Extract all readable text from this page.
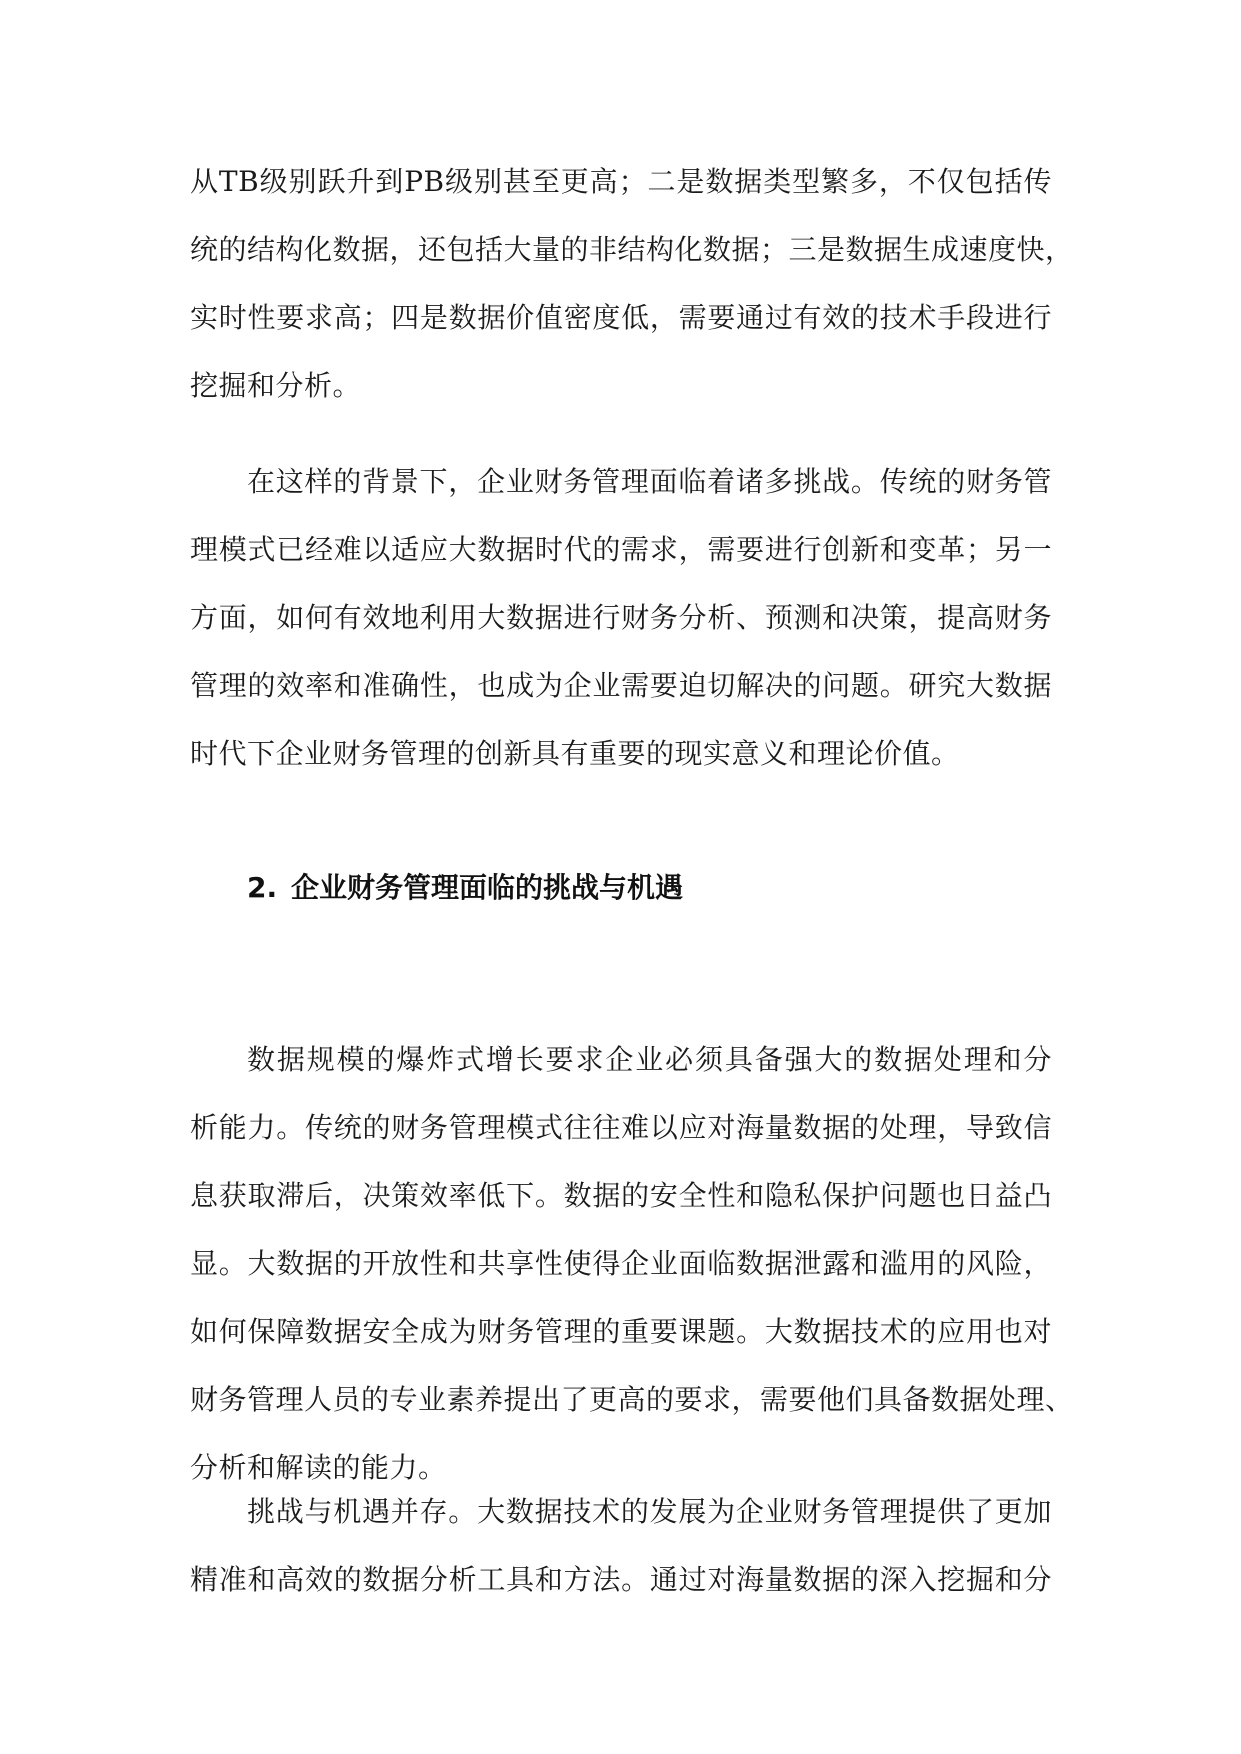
从TB级别跃升到PB级别甚至更高；二是数据类型繁多，不仅包括传
统的结构化数据，还包括大量的非结构化数据；三是数据生成速度快，
实时性要求高；四是数据价值密度低，需要通过有效的技术手段进行
挖掘和分析。
在这样的背景下，企业财务管理面临着诸多挑战。传统的财务管
理模式已经难以适应大数据时代的需求，需要进行创新和变革；另一
方面，如何有效地利用大数据进行财务分析、预测和决策，提高财务
管理的效率和准确性，也成为企业需要迫切解决的问题。研究大数据
时代下企业财务管理的创新具有重要的现实意义和理论价值。
2. 企业财务管理面临的挑战与机遇
数据规模的爆炸式增长要求企业必须具备强大的数据处理和分
析能力。传统的财务管理模式往往难以应对海量数据的处理，导致信
息获取滞后，决策效率低下。数据的安全性和隐私保护问题也日益凸
显。大数据的开放性和共享性使得企业面临数据泄露和滥用的风险，
如何保障数据安全成为财务管理的重要课题。大数据技术的应用也对
财务管理人员的专业素养提出了更高的要求，需要他们具备数据处理、
分析和解读的能力。
挑战与机遇并存。大数据技术的发展为企业财务管理提供了更加
精准和高效的数据分析工具和方法。通过对海量数据的深入挖掘和分
